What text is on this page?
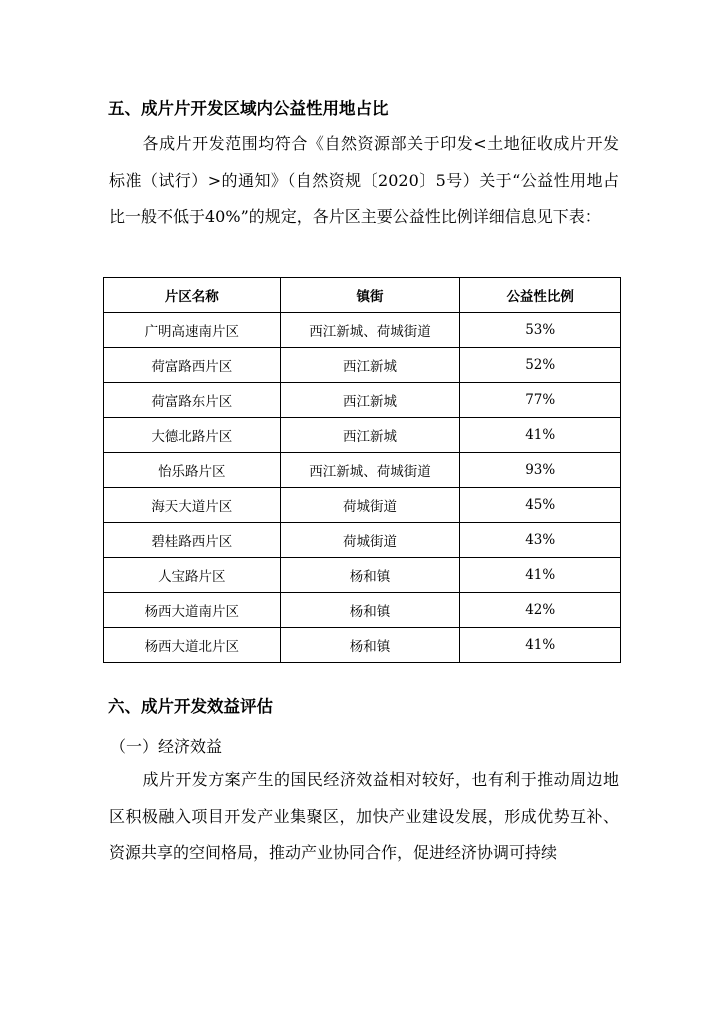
五、成片片开发区域内公益性用地占比

各成片开发范围均符合《自然资源部关于印发<土地征收成片开发标准（试行）>的通知》（自然资规〔2020〕5号）关于“公益性用地占比一般不低于40%”的规定，各片区主要公益性比例详细信息见下表：

片区名称	镇街	公益性比例
广明高速南片区	西江新城、荷城街道	53%
荷富路西片区	西江新城	52%
荷富路东片区	西江新城	77%
大德北路片区	西江新城	41%
怡乐路片区	西江新城、荷城街道	93%
海天大道片区	荷城街道	45%
碧桂路西片区	荷城街道	43%
人宝路片区	杨和镇	41%
杨西大道南片区	杨和镇	42%
杨西大道北片区	杨和镇	41%
六、成片开发效益评估
（一）经济效益

成片开发方案产生的国民经济效益相对较好，也有利于推动周边地区积极融入项目开发产业集聚区，加快产业建设发展，形成优势互补、资源共享的空间格局，推动产业协同合作，促进经济协调可持续
